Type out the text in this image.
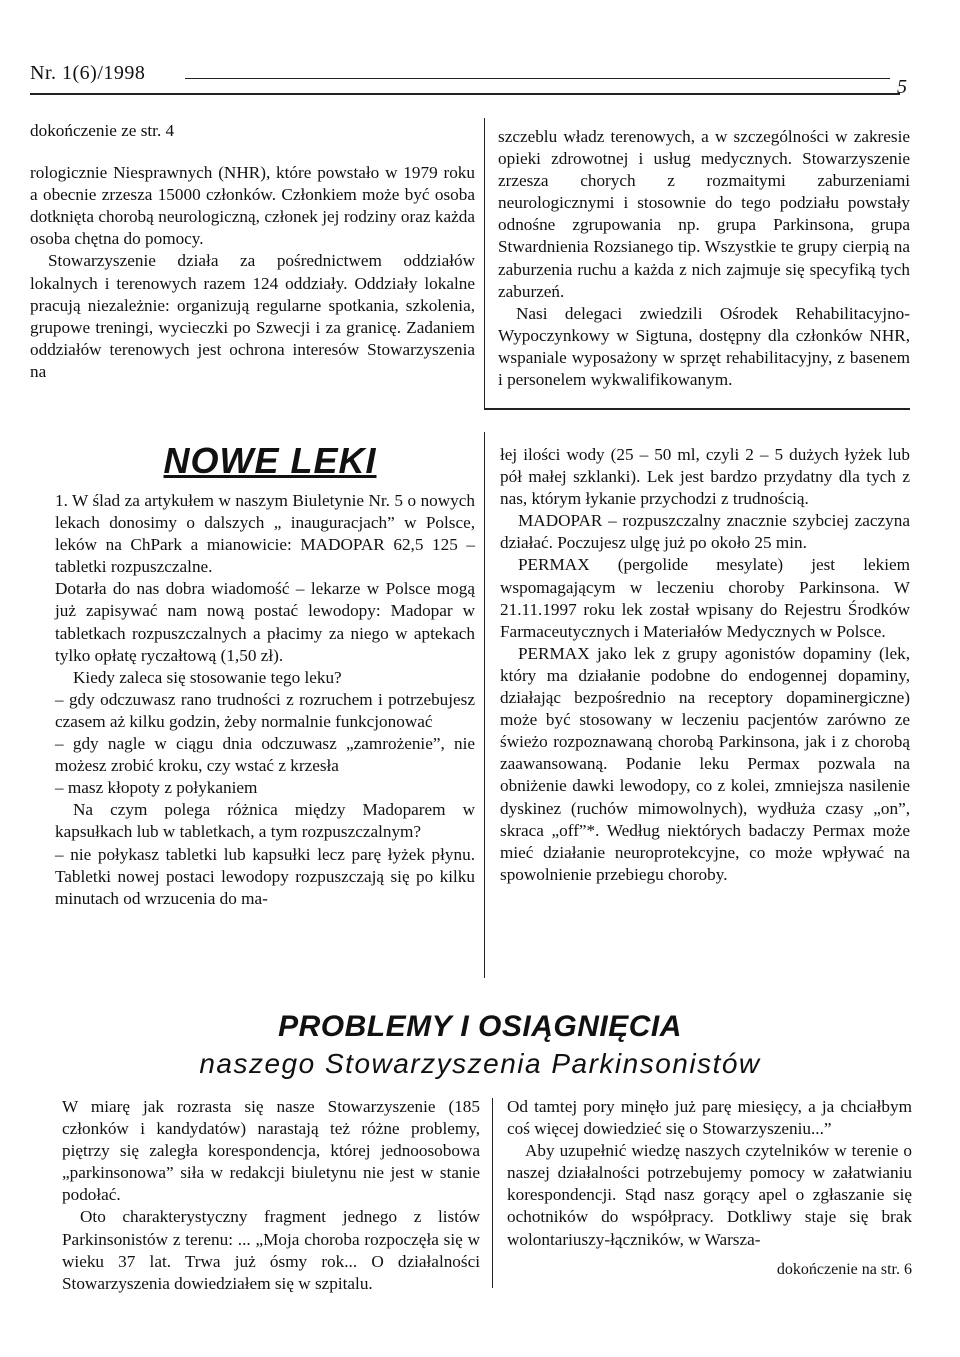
Nr. 1(6)/1998
5

dokończenie ze str. 4

rologicznie Niesprawnych (NHR), które powstało w 1979 roku a obecnie zrzesza 15000 członków. Członkiem może być osoba dotknięta chorobą neurologiczną, członek jej rodziny oraz każda osoba chętna do pomocy.

Stowarzyszenie działa za pośrednictwem oddziałów lokalnych i terenowych razem 124 oddziały. Oddziały lokalne pracują niezależnie: organizują regularne spotkania, szkolenia, grupowe treningi, wycieczki po Szwecji i za granicę. Zadaniem oddziałów terenowych jest ochrona interesów Stowarzyszenia na

szczeblu władz terenowych, a w szczególności w zakresie opieki zdrowotnej i usług medycznych. Stowarzyszenie zrzesza chorych z rozmaitymi zaburzeniami neurologicznymi i stosownie do tego podziału powstały odnośne zgrupowania np. grupa Parkinsona, grupa Stwardnienia Rozsianego tip. Wszystkie te grupy cierpią na zaburzenia ruchu a każda z nich zajmuje się specyfiką tych zaburzeń.

Nasi delegaci zwiedzili Ośrodek Rehabilitacyjno-Wypoczynkowy w Sigtuna, dostępny dla członków NHR, wspaniale wyposażony w sprzęt rehabilitacyjny, z basenem i personelem wykwalifikowanym.

NOWE LEKI

1. W ślad za artykułem w naszym Biuletynie Nr. 5 o nowych lekach donosimy o dalszych „ inauguracjach” w Polsce, leków na ChPark a mianowicie: MADOPAR 62,5 125 – tabletki rozpuszczalne.

Dotarła do nas dobra wiadomość – lekarze w Polsce mogą już zapisywać nam nową postać lewodopy: Madopar w tabletkach rozpuszczalnych a płacimy za niego w aptekach tylko opłatę ryczałtową (1,50 zł).

Kiedy zaleca się stosowanie tego leku?

– gdy odczuwasz rano trudności z rozruchem i potrzebujesz czasem aż kilku godzin, żeby normalnie funkcjonować

– gdy nagle w ciągu dnia odczuwasz „zamrożenie”, nie możesz zrobić kroku, czy wstać z krzesła

– masz kłopoty z połykaniem

Na czym polega różnica między Madoparem w kapsułkach lub w tabletkach, a tym rozpuszczalnym?

– nie połykasz tabletki lub kapsułki lecz parę łyżek płynu. Tabletki nowej postaci lewodopy rozpuszczają się po kilku minutach od wrzucenia do ma-

łej ilości wody (25 – 50 ml, czyli 2 – 5 dużych łyżek lub pół małej szklanki). Lek jest bardzo przydatny dla tych z nas, którym łykanie przychodzi z trudnością.

MADOPAR – rozpuszczalny znacznie szybciej zaczyna działać. Poczujesz ulgę już po około 25 min.

PERMAX (pergolide mesylate) jest lekiem wspomagającym w leczeniu choroby Parkinsona. W 21.11.1997 roku lek został wpisany do Rejestru Środków Farmaceutycznych i Materiałów Medycznych w Polsce.

PERMAX jako lek z grupy agonistów dopaminy (lek, który ma działanie podobne do endogennej dopaminy, działając bezpośrednio na receptory dopaminergiczne) może być stosowany w leczeniu pacjentów zarówno ze świeżo rozpoznawaną chorobą Parkinsona, jak i z chorobą zaawansowaną. Podanie leku Permax pozwala na obniżenie dawki lewodopy, co z kolei, zmniejsza nasilenie dyskinez (ruchów mimowolnych), wydłuża czasy „on”, skraca „off”*. Według niektórych badaczy Permax może mieć działanie neuroprotekcyjne, co może wpływać na spowolnienie przebiegu choroby.

PROBLEMY I OSIĄGNIĘCIA
naszego Stowarzyszenia Parkinsonistów

W miarę jak rozrasta się nasze Stowarzyszenie (185 członków i kandydatów) narastają też różne problemy, piętrzy się zaległa korespondencja, której jednoosobowa „parkinsonowa” siła w redakcji biuletynu nie jest w stanie podołać.

Oto charakterystyczny fragment jednego z listów Parkinsonistów z terenu: ... „Moja choroba rozpoczęła się w wieku 37 lat. Trwa już ósmy rok... O działalności Stowarzyszenia dowiedziałem się w szpitalu.

Od tamtej pory minęło już parę miesięcy, a ja chciałbym coś więcej dowiedzieć się o Stowarzyszeniu...”

Aby uzupełnić wiedzę naszych czytelników w terenie o naszej działalności potrzebujemy pomocy w załatwianiu korespondencji. Stąd nasz gorący apel o zgłaszanie się ochotników do współpracy. Dotkliwy staje się brak wolontariuszy-łączników, w Warsza-

dokończenie na str. 6
